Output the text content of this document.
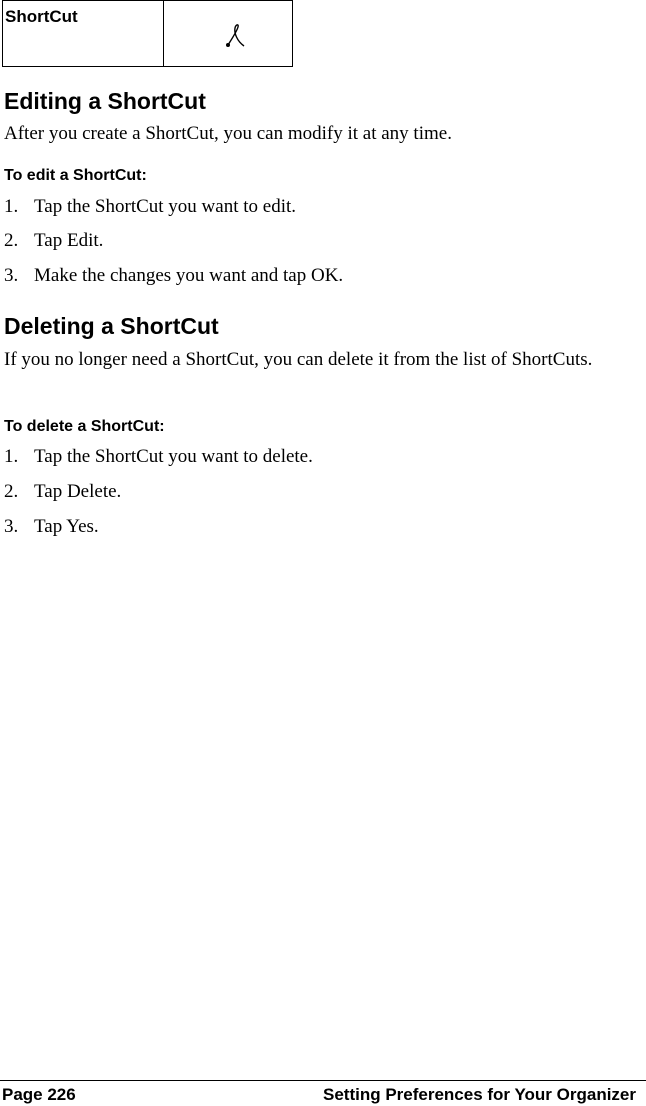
ShortCut
Editing a ShortCut

After you create a ShortCut, you can modify it at any time.

To edit a ShortCut:
1. Tap the ShortCut you want to edit.
2. Tap Edit.
3. Make the changes you want and tap OK.
Deleting a ShortCut

If you no longer need a ShortCut, you can delete it from the list of ShortCuts.

To delete a ShortCut:
1. Tap the ShortCut you want to delete.
2. Tap Delete.
3. Tap Yes.
Page 226	Setting Preferences for Your Organizer
